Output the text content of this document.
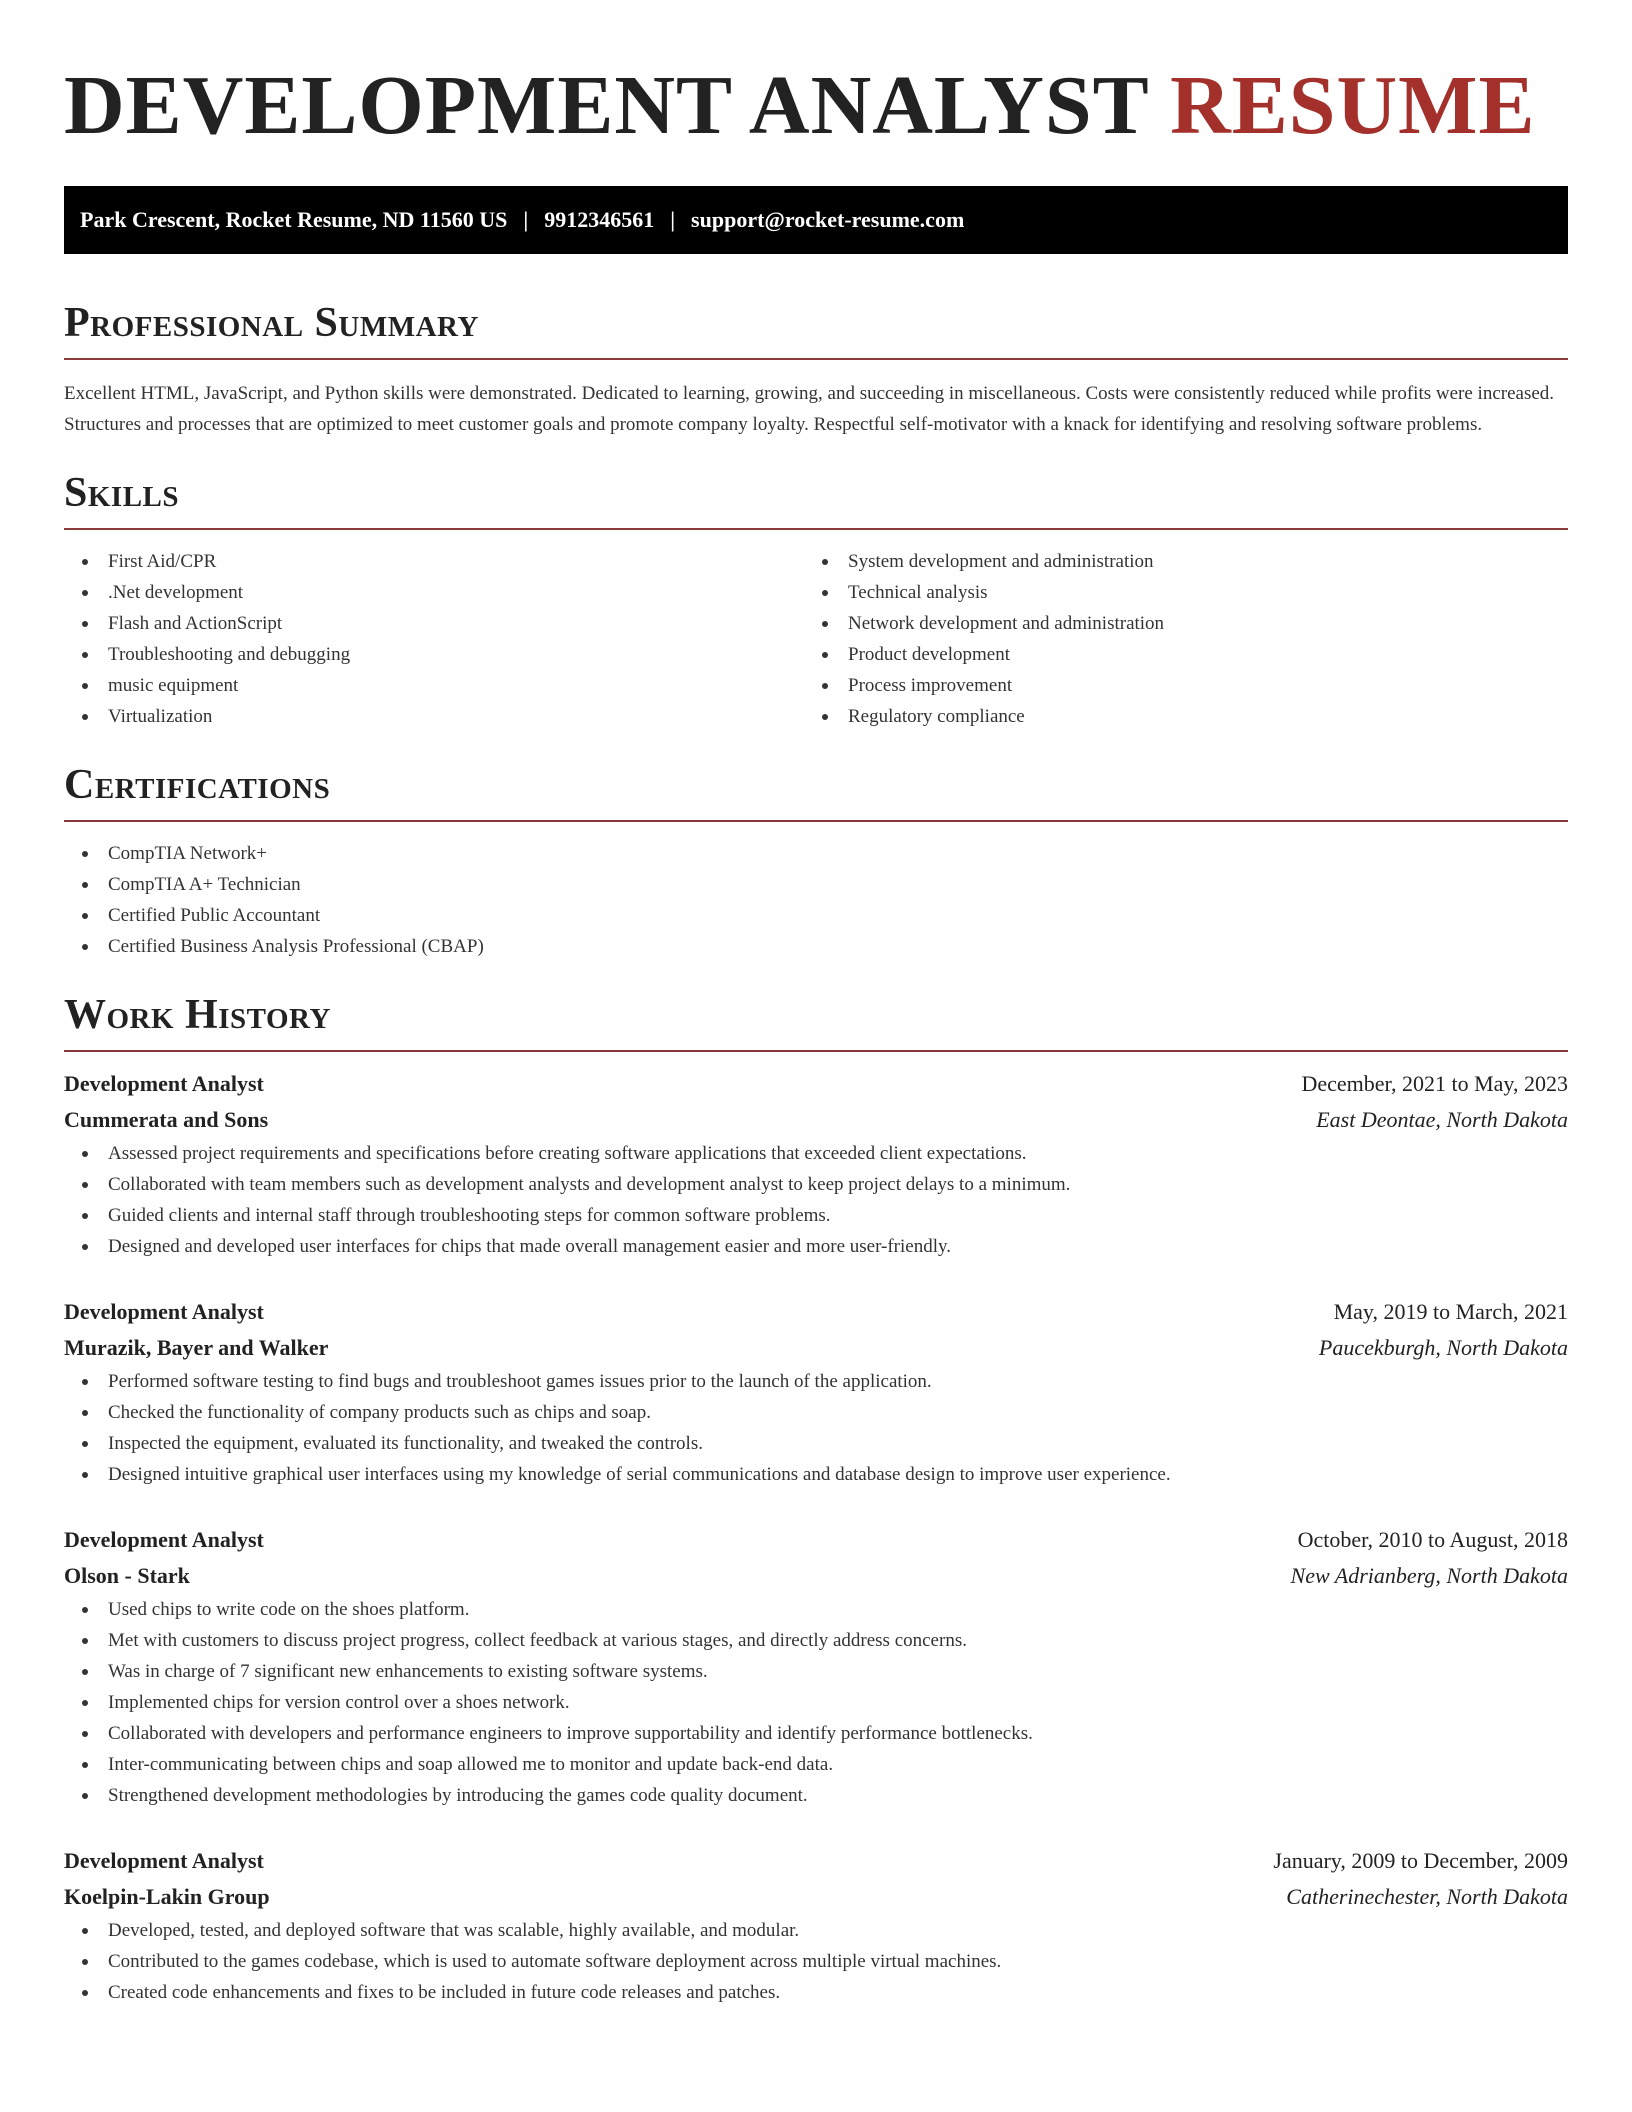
DEVELOPMENT ANALYST RESUME
Park Crescent, Rocket Resume, ND 11560 US | 9912346561 | support@rocket-resume.com
Professional Summary

Excellent HTML, JavaScript, and Python skills were demonstrated. Dedicated to learning, growing, and succeeding in miscellaneous. Costs were consistently reduced while profits were increased. Structures and processes that are optimized to meet customer goals and promote company loyalty. Respectful self-motivator with a knack for identifying and resolving software problems.

Skills
First Aid/CPR
.Net development
Flash and ActionScript
Troubleshooting and debugging
music equipment
Virtualization
System development and administration
Technical analysis
Network development and administration
Product development
Process improvement
Regulatory compliance
Certifications
CompTIA Network+
CompTIA A+ Technician
Certified Public Accountant
Certified Business Analysis Professional (CBAP)
Work History
Development Analyst	December, 2021 to May, 2023
Cummerata and Sons	East Deontae, North Dakota
Assessed project requirements and specifications before creating software applications that exceeded client expectations.
Collaborated with team members such as development analysts and development analyst to keep project delays to a minimum.
Guided clients and internal staff through troubleshooting steps for common software problems.
Designed and developed user interfaces for chips that made overall management easier and more user-friendly.
Development Analyst	May, 2019 to March, 2021
Murazik, Bayer and Walker	Paucekburgh, North Dakota
Performed software testing to find bugs and troubleshoot games issues prior to the launch of the application.
Checked the functionality of company products such as chips and soap.
Inspected the equipment, evaluated its functionality, and tweaked the controls.
Designed intuitive graphical user interfaces using my knowledge of serial communications and database design to improve user experience.
Development Analyst	October, 2010 to August, 2018
Olson - Stark	New Adrianberg, North Dakota
Used chips to write code on the shoes platform.
Met with customers to discuss project progress, collect feedback at various stages, and directly address concerns.
Was in charge of 7 significant new enhancements to existing software systems.
Implemented chips for version control over a shoes network.
Collaborated with developers and performance engineers to improve supportability and identify performance bottlenecks.
Inter-communicating between chips and soap allowed me to monitor and update back-end data.
Strengthened development methodologies by introducing the games code quality document.
Development Analyst	January, 2009 to December, 2009
Koelpin-Lakin Group	Catherinechester, North Dakota
Developed, tested, and deployed software that was scalable, highly available, and modular.
Contributed to the games codebase, which is used to automate software deployment across multiple virtual machines.
Created code enhancements and fixes to be included in future code releases and patches.
